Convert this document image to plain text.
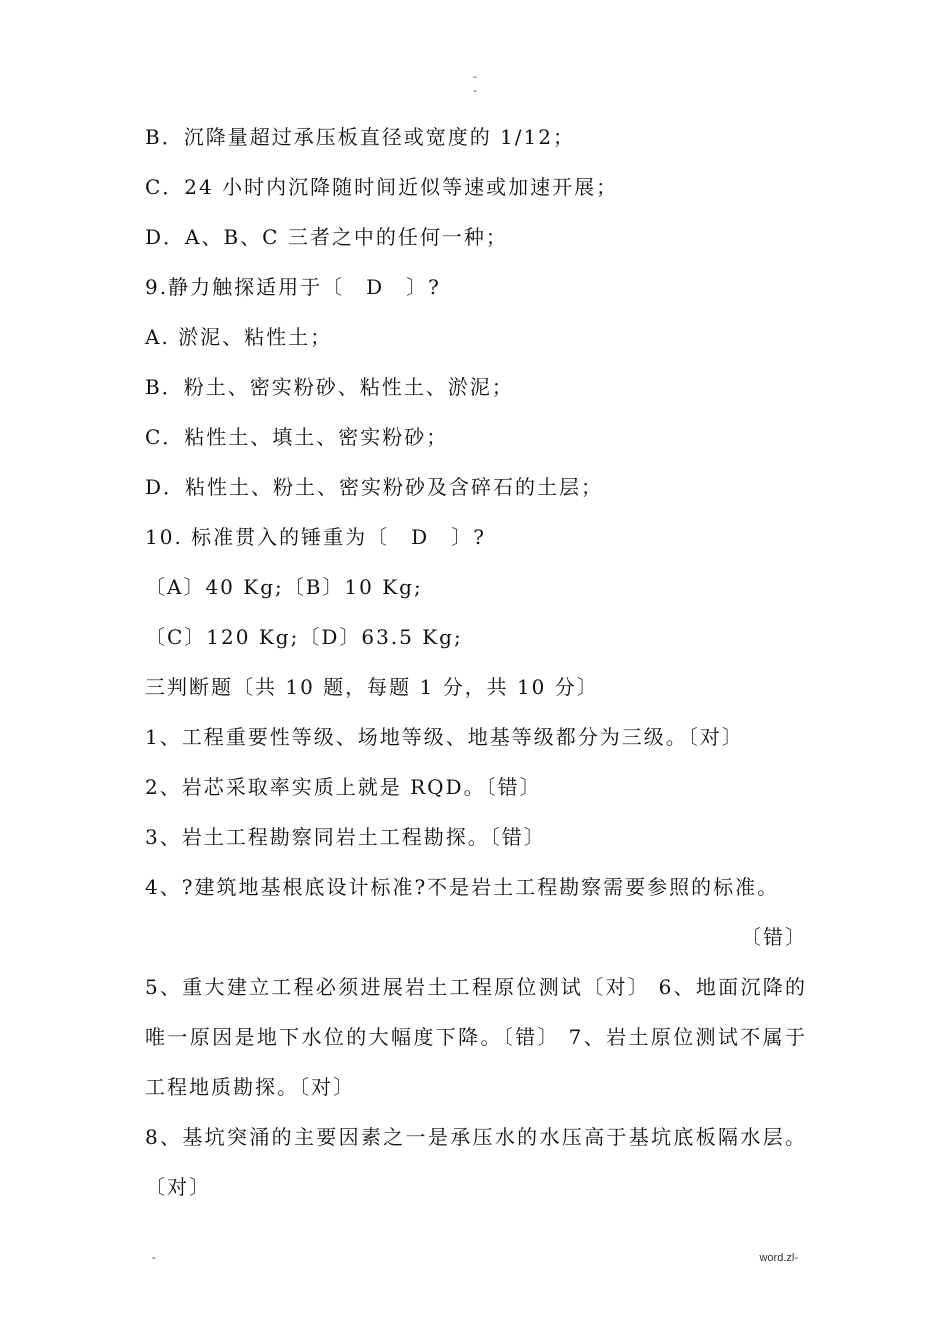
-
-
B．沉降量超过承压板直径或宽度的 1/12；
C．24 小时内沉降随时间近似等速或加速开展；
D．A、B、C 三者之中的任何一种；
9.静力触探适用于〔　D　〕?
A. 淤泥、粘性土；
B．粉土、密实粉砂、粘性土、淤泥；
C．粘性土、填土、密实粉砂；
D．粘性土、粉土、密实粉砂及含碎石的土层；
10. 标准贯入的锤重为〔　D　〕?
〔A〕40 Kg;〔B〕10 Kg;
〔C〕120 Kg;〔D〕63.5 Kg;
三判断题〔共 10 题，每题 1 分，共 10 分〕
1、工程重要性等级、场地等级、地基等级都分为三级。〔对〕
2、岩芯采取率实质上就是 RQD。〔错〕
3、岩土工程勘察同岩土工程勘探。〔错〕
4、?建筑地基根底设计标准?不是岩土工程勘察需要参照的标准。
〔错〕
5、重大建立工程必须进展岩土工程原位测试〔对〕 6、地面沉降的唯一原因是地下水位的大幅度下降。〔错〕 7、岩土原位测试不属于工程地质勘探。〔对〕
8、基坑突涌的主要因素之一是承压水的水压高于基坑底板隔水层。〔对〕
-	word.zl-
